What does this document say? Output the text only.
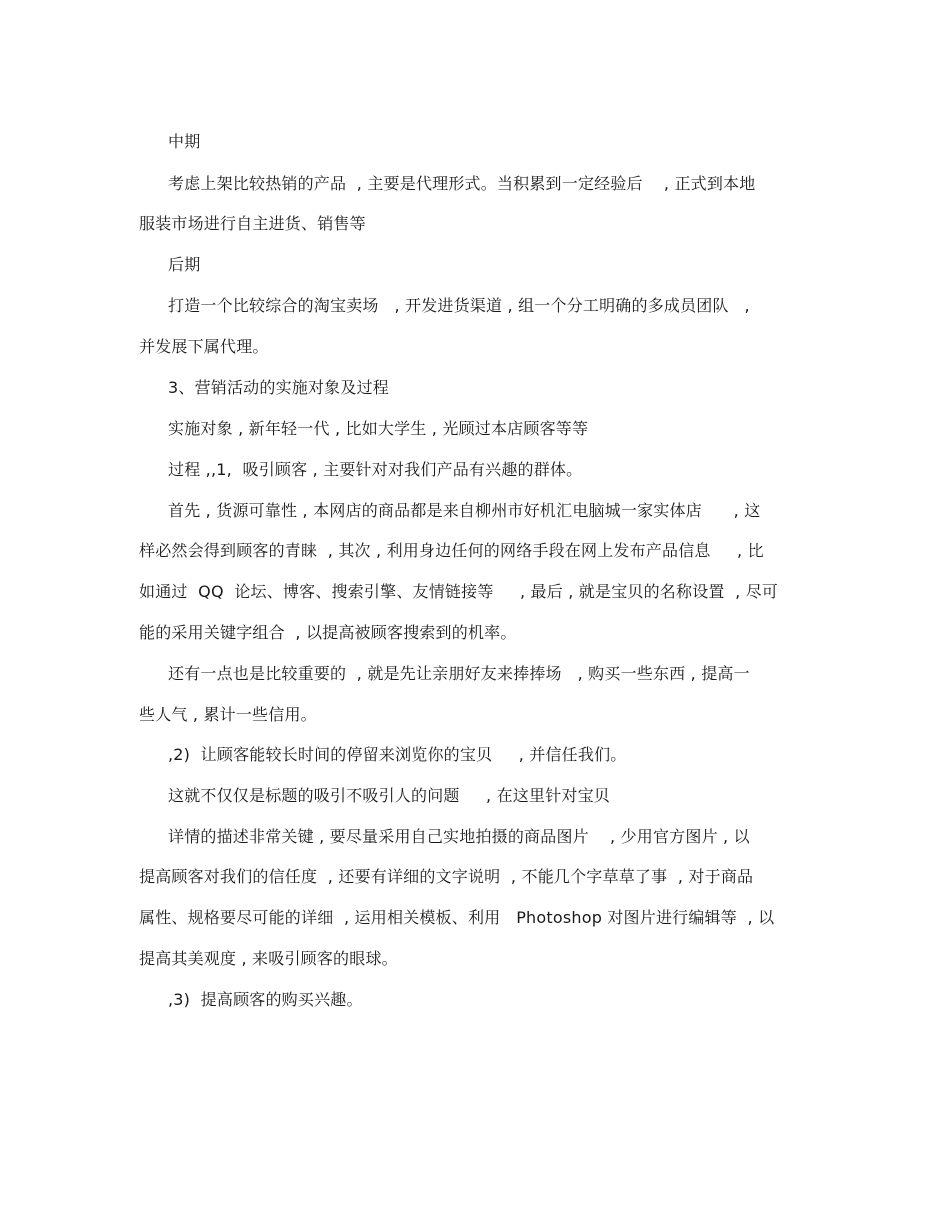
中期
考虑上架比较热销的产品  , 主要是代理形式。当积累到一定经验后    , 正式到本地
服装市场进行自主进货、销售等
后期
打造一个比较综合的淘宝卖场   , 开发进货渠道 , 组一个分工明确的多成员团队   ,
并发展下属代理。
3、营销活动的实施对象及过程
实施对象 , 新年轻一代 , 比如大学生 , 光顾过本店顾客等等
过程 ,,1,  吸引顾客 , 主要针对对我们产品有兴趣的群体。
首先 , 货源可靠性 , 本网店的商品都是来自柳州市好机汇电脑城一家实体店      , 这
样必然会得到顾客的青睐  , 其次 , 利用身边任何的网络手段在网上发布产品信息     , 比
如通过  QQ  论坛、博客、搜索引擎、友情链接等     , 最后 , 就是宝贝的名称设置  , 尽可
能的采用关键字组合  , 以提高被顾客搜索到的机率。
还有一点也是比较重要的  , 就是先让亲朋好友来捧捧场   , 购买一些东西 , 提高一
些人气 , 累计一些信用。
,2)  让顾客能较长时间的停留来浏览你的宝贝     , 并信任我们。
这就不仅仅是标题的吸引不吸引人的问题     , 在这里针对宝贝
详情的描述非常关键 , 要尽量采用自己实地拍摄的商品图片    , 少用官方图片 , 以
提高顾客对我们的信任度  , 还要有详细的文字说明  , 不能几个字草草了事  , 对于商品
属性、规格要尽可能的详细  , 运用相关模板、利用   Photoshop 对图片进行编辑等  , 以
提高其美观度 , 来吸引顾客的眼球。
,3)  提高顾客的购买兴趣。
